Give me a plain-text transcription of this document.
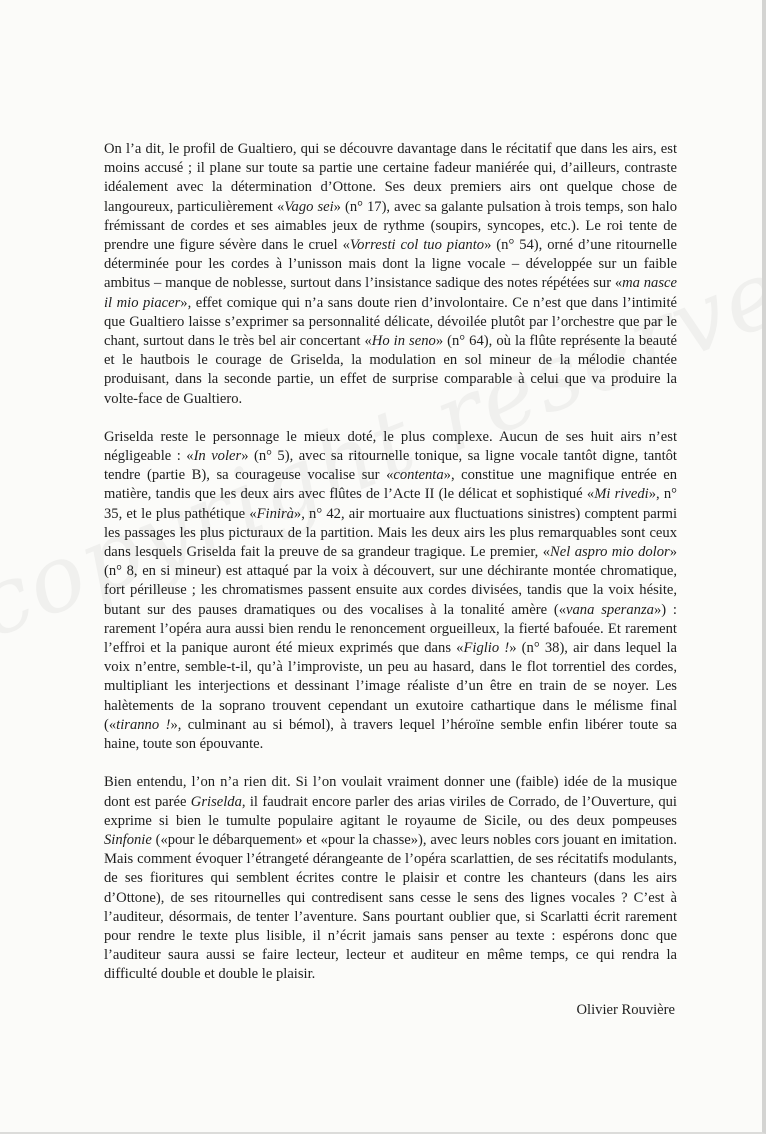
On l’a dit, le profil de Gualtiero, qui se découvre davantage dans le récitatif que dans les airs, est moins accusé ; il plane sur toute sa partie une certaine fadeur maniérée qui, d’ailleurs, contraste idéalement avec la détermination d’Ottone. Ses deux premiers airs ont quelque chose de langoureux, particulièrement «Vago sei» (n° 17), avec sa galante pulsation à trois temps, son halo frémissant de cordes et ses aimables jeux de rythme (soupirs, syncopes, etc.). Le roi tente de prendre une figure sévère dans le cruel «Vorresti col tuo pianto» (n° 54), orné d’une ritournelle déterminée pour les cordes à l’unisson mais dont la ligne vocale – développée sur un faible ambitus – manque de noblesse, surtout dans l’insistance sadique des notes répétées sur «ma nasce il mio piacer», effet comique qui n’a sans doute rien d’involontaire. Ce n’est que dans l’intimité que Gualtiero laisse s’exprimer sa personnalité délicate, dévoilée plutôt par l’orchestre que par le chant, surtout dans le très bel air concertant «Ho in seno» (n° 64), où la flûte représente la beauté et le hautbois le courage de Griselda, la modulation en sol mineur de la mélodie chantée produisant, dans la seconde partie, un effet de surprise comparable à celui que va produire la volte-face de Gualtiero.

Griselda reste le personnage le mieux doté, le plus complexe. Aucun de ses huit airs n’est négligeable : «In voler» (n° 5), avec sa ritournelle tonique, sa ligne vocale tantôt digne, tantôt tendre (partie B), sa courageuse vocalise sur «contenta», constitue une magnifique entrée en matière, tandis que les deux airs avec flûtes de l’Acte II (le délicat et sophistiqué «Mi rivedi», n° 35, et le plus pathétique «Finirà», n° 42, air mortuaire aux fluctuations sinistres) comptent parmi les passages les plus picturaux de la partition. Mais les deux airs les plus remarquables sont ceux dans lesquels Griselda fait la preuve de sa grandeur tragique. Le premier, «Nel aspro mio dolor» (n° 8, en si mineur) est attaqué par la voix à découvert, sur une déchirante montée chromatique, fort périlleuse ; les chromatismes passent ensuite aux cordes divisées, tandis que la voix hésite, butant sur des pauses dramatiques ou des vocalises à la tonalité amère («vana speranza») : rarement l’opéra aura aussi bien rendu le renoncement orgueilleux, la fierté bafouée. Et rarement l’effroi et la panique auront été mieux exprimés que dans «Figlio !» (n° 38), air dans lequel la voix n’entre, semble-t-il, qu’à l’improviste, un peu au hasard, dans le flot torrentiel des cordes, multipliant les interjections et dessinant l’image réaliste d’un être en train de se noyer. Les halètements de la soprano trouvent cependant un exutoire cathartique dans le mélisme final («tiranno !», culminant au si bémol), à travers lequel l’héroïne semble enfin libérer toute sa haine, toute son épouvante.

Bien entendu, l’on n’a rien dit. Si l’on voulait vraiment donner une (faible) idée de la musique dont est parée Griselda, il faudrait encore parler des arias viriles de Corrado, de l’Ouverture, qui exprime si bien le tumulte populaire agitant le royaume de Sicile, ou des deux pompeuses Sinfonie («pour le débarquement» et «pour la chasse»), avec leurs nobles cors jouant en imitation. Mais comment évoquer l’étrangeté dérangeante de l’opéra scarlattien, de ses récitatifs modulants, de ses fioritures qui semblent écrites contre le plaisir et contre les chanteurs (dans les airs d’Ottone), de ses ritournelles qui contredisent sans cesse le sens des lignes vocales ? C’est à l’auditeur, désormais, de tenter l’aventure. Sans pourtant oublier que, si Scarlatti écrit rarement pour rendre le texte plus lisible, il n’écrit jamais sans penser au texte : espérons donc que l’auditeur saura aussi se faire lecteur, lecteur et auditeur en même temps, ce qui rendra la difficulté double et double le plaisir.

Olivier Rouvière
